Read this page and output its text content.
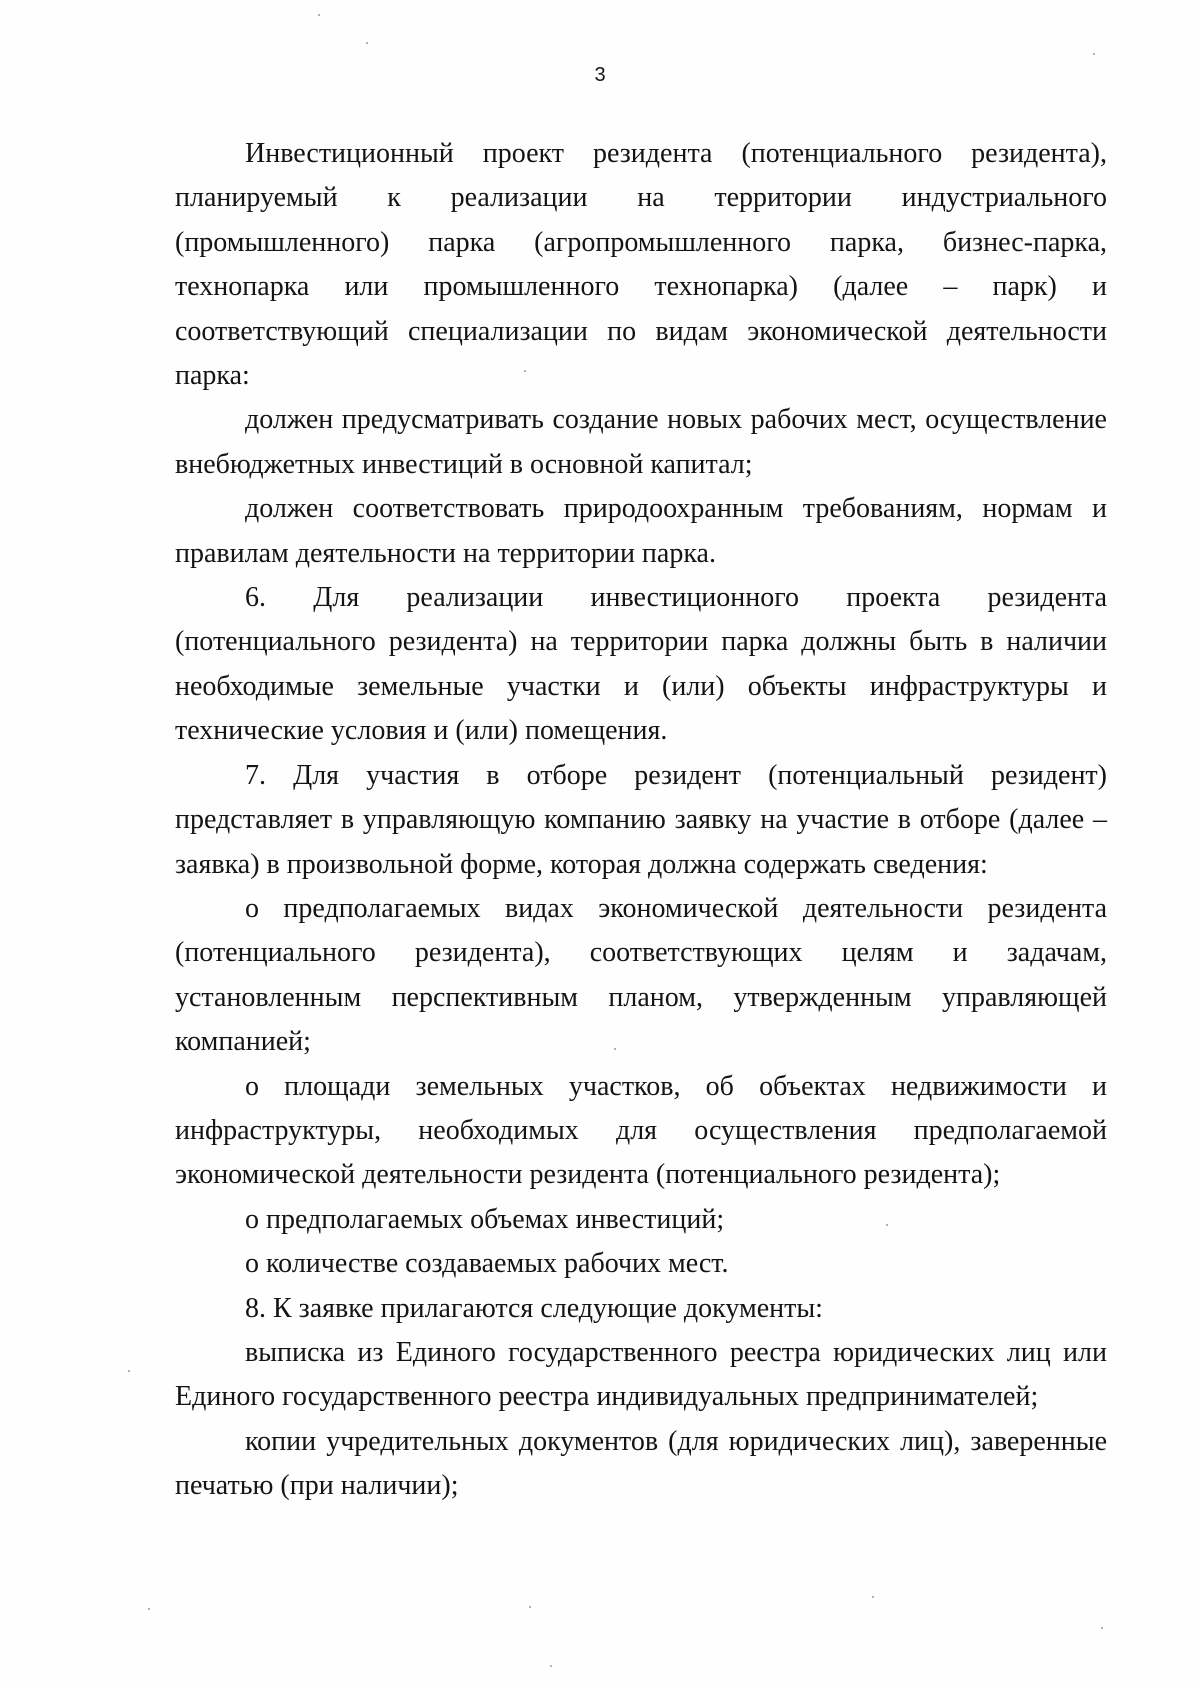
3

Инвестиционный проект резидента (потенциального резидента), планируемый к реализации на территории индустриального (промышленного) парка (агропромышленного парка, бизнес-парка, технопарка или промышленного технопарка) (далее – парк) и соответствующий специализации по видам экономической деятельности парка:

должен предусматривать создание новых рабочих мест, осуществление внебюджетных инвестиций в основной капитал;

должен соответствовать природоохранным требованиям, нормам и правилам деятельности на территории парка.

6. Для реализации инвестиционного проекта резидента (потенциального резидента) на территории парка должны быть в наличии необходимые земельные участки и (или) объекты инфраструктуры и технические условия и (или) помещения.

7. Для участия в отборе резидент (потенциальный резидент) представляет в управляющую компанию заявку на участие в отборе (далее – заявка) в произвольной форме, которая должна содержать сведения:

о предполагаемых видах экономической деятельности резидента (потенциального резидента), соответствующих целям и задачам, установленным перспективным планом, утвержденным управляющей компанией;

о площади земельных участков, об объектах недвижимости и инфраструктуры, необходимых для осуществления предполагаемой экономической деятельности резидента (потенциального резидента);

о предполагаемых объемах инвестиций;

о количестве создаваемых рабочих мест.

8. К заявке прилагаются следующие документы:

выписка из Единого государственного реестра юридических лиц или Единого государственного реестра индивидуальных предпринимателей;

копии учредительных документов (для юридических лиц), заверенные печатью (при наличии);
